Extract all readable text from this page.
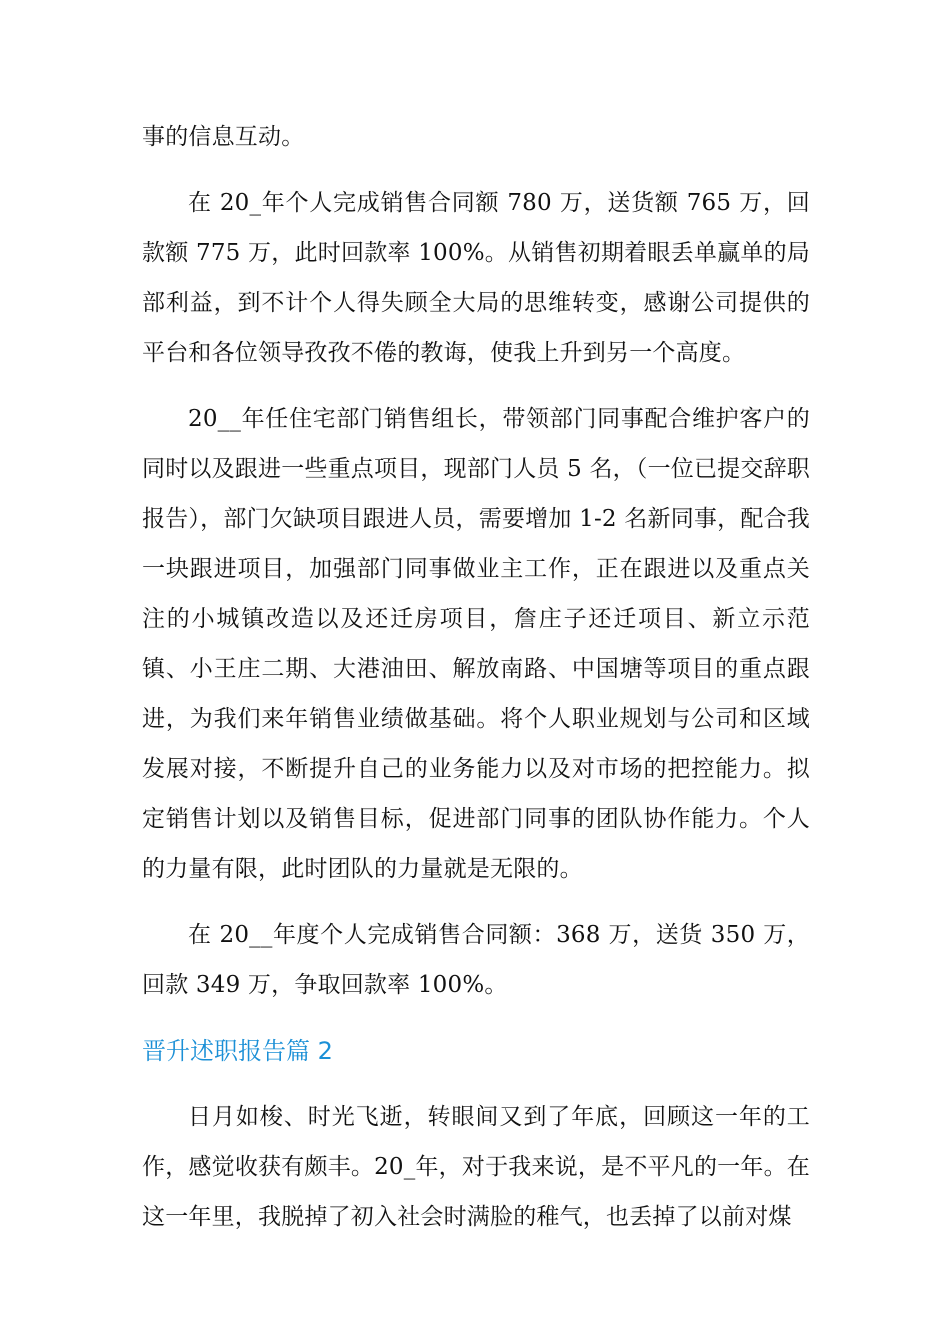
事的信息互动。

在 20_年个人完成销售合同额 780 万，送货额 765 万，回款额 775 万，此时回款率 100%。从销售初期着眼丢单赢单的局部利益，到不计个人得失顾全大局的思维转变，感谢公司提供的平台和各位领导孜孜不倦的教诲，使我上升到另一个高度。

20__年任住宅部门销售组长，带领部门同事配合维护客户的同时以及跟进一些重点项目，现部门人员 5 名，（一位已提交辞职报告），部门欠缺项目跟进人员，需要增加 1-2 名新同事，配合我一块跟进项目，加强部门同事做业主工作，正在跟进以及重点关注的小城镇改造以及还迁房项目，詹庄子还迁项目、新立示范镇、小王庄二期、大港油田、解放南路、中国塘等项目的重点跟进，为我们来年销售业绩做基础。将个人职业规划与公司和区域发展对接，不断提升自己的业务能力以及对市场的把控能力。拟定销售计划以及销售目标，促进部门同事的团队协作能力。个人的力量有限，此时团队的力量就是无限的。

在 20__年度个人完成销售合同额：368 万，送货 350 万，回款 349 万，争取回款率 100%。

晋升述职报告篇 2

日月如梭、时光飞逝，转眼间又到了年底，回顾这一年的工作，感觉收获有颇丰。20_年，对于我来说，是不平凡的一年。在这一年里，我脱掉了初入社会时满脸的稚气，也丢掉了以前对煤
